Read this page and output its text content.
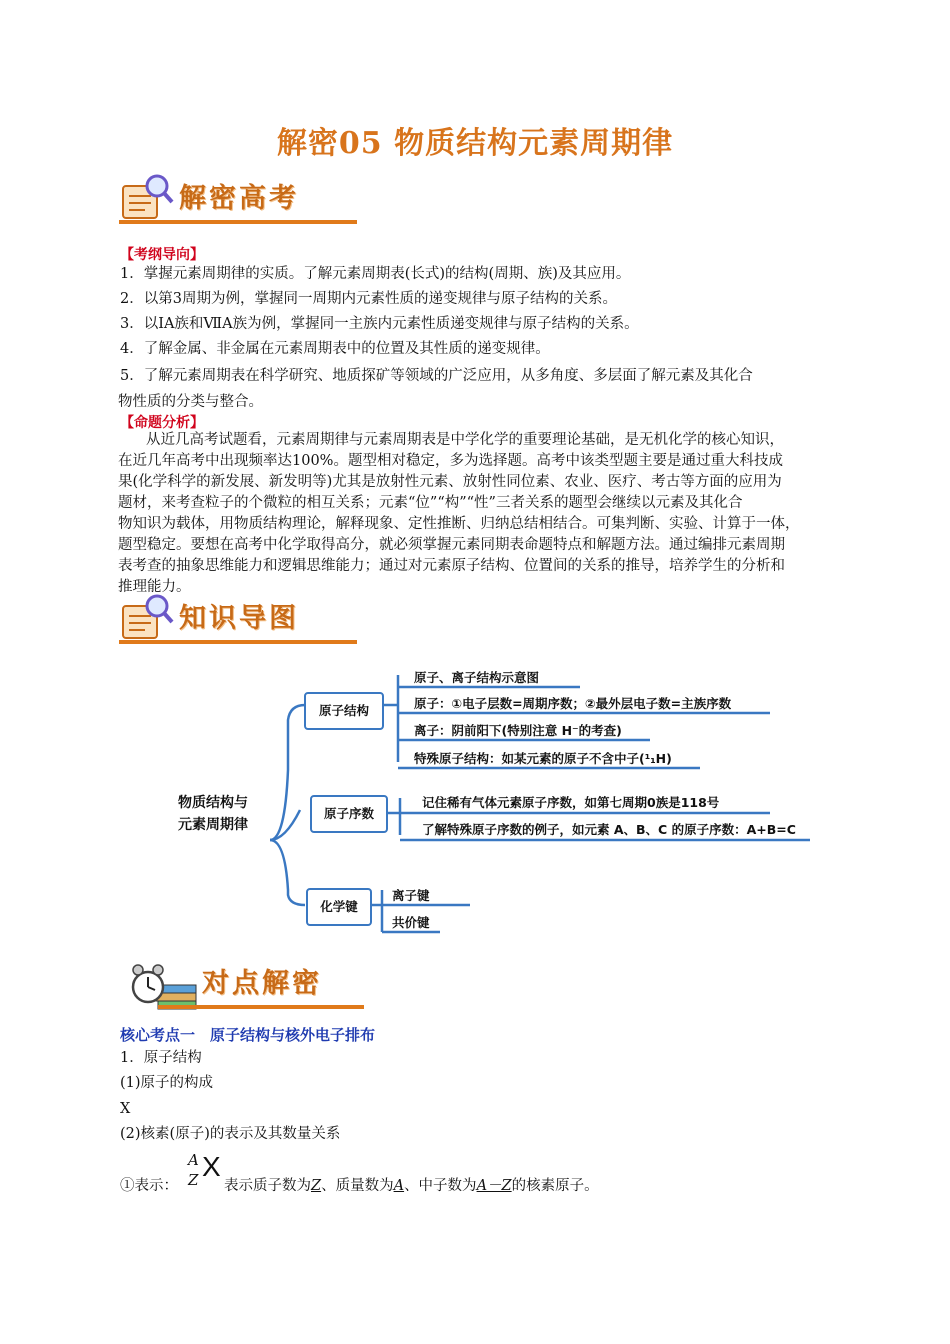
解密05 物质结构元素周期律
解密高考
【考纲导向】
1．掌握元素周期律的实质。了解元素周期表(长式)的结构(周期、族)及其应用。
2．以第3周期为例，掌握同一周期内元素性质的递变规律与原子结构的关系。
3．以ⅠA族和ⅦA族为例，掌握同一主族内元素性质递变规律与原子结构的关系。
4．了解金属、非金属在元素周期表中的位置及其性质的递变规律。
5．了解元素周期表在科学研究、地质探矿等领域的广泛应用，从多角度、多层面了解元素及其化合
物性质的分类与整合。
【命题分析】
从近几高考试题看，元素周期律与元素周期表是中学化学的重要理论基础，是无机化学的核心知识，
在近几年高考中出现频率达100%。题型相对稳定，多为选择题。高考中该类型题主要是通过重大科技成
果(化学科学的新发展、新发明等)尤其是放射性元素、放射性同位素、农业、医疗、考古等方面的应用为
题材，来考查粒子的个微粒的相互关系；元素“位”“构”“性”三者关系的题型会继续以元素及其化合
物知识为载体，用物质结构理论，解释现象、定性推断、归纳总结相结合。可集判断、实验、计算于一体，
题型稳定。要想在高考中化学取得高分，就必须掌握元素同期表命题特点和解题方法。通过编排元素周期
表考查的抽象思维能力和逻辑思维能力；通过对元素原子结构、位置间的关系的推导，培养学生的分析和
推理能力。
知识导图
物质结构与
元素周期律
原子结构
原子序数
化学键
原子、离子结构示意图
原子：①电子层数=周期序数；②最外层电子数=主族序数
离子：阴前阳下(特别注意 H⁻的考查)
特殊原子结构：如某元素的原子不含中子(¹₁H)
记住稀有气体元素原子序数，如第七周期0族是118号
了解特殊原子序数的例子，如元素 A、B、C 的原子序数：A+B=C
离子键
共价键
对点解密
核心考点一　原子结构与核外电子排布
1．原子结构
(1)原子的构成
X
(2)核素(原子)的表示及其数量关系
①表示：
A
Z X
表示质子数为Z、质量数为A、中子数为A－Z的核素原子。
